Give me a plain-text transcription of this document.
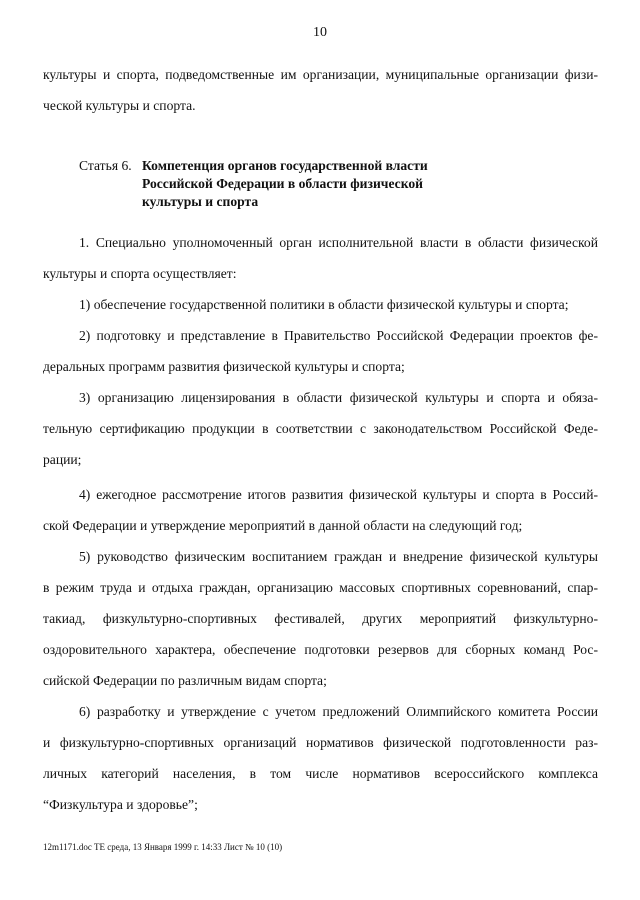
10
культуры и спорта, подведомственные им организации, муниципальные организации физи-
ческой культуры и спорта.
Статья 6. Компетенция органов государственной власти
Российской Федерации в области физической
культуры и спорта
1. Специально уполномоченный орган исполнительной власти в области физической
культуры и спорта осуществляет:
1) обеспечение государственной политики в области физической культуры и спорта;
2) подготовку и представление в Правительство Российской Федерации проектов фе-
деральных программ развития физической культуры и спорта;
3) организацию лицензирования в области физической культуры и спорта и обяза-
тельную сертификацию продукции в соответствии с законодательством Российской Феде-
рации;
4) ежегодное рассмотрение итогов развития физической культуры и спорта в Россий-
ской Федерации и утверждение мероприятий в данной области на следующий год;
5) руководство физическим воспитанием граждан и внедрение физической культуры
в режим труда и отдыха граждан, организацию массовых спортивных соревнований, спар-
такиад, физкультурно-спортивных фестивалей, других мероприятий физкультурно-
оздоровительного характера, обеспечение подготовки резервов для сборных команд Рос-
сийской Федерации по различным видам спорта;
6) разработку и утверждение с учетом предложений Олимпийского комитета России
и физкультурно-спортивных организаций нормативов физической подготовленности раз-
личных категорий населения, в том числе нормативов всероссийского комплекса
“Физкультура и здоровье”;
12m1171.doc TE среда, 13 Января 1999 г. 14:33 Лист № 10 (10)
